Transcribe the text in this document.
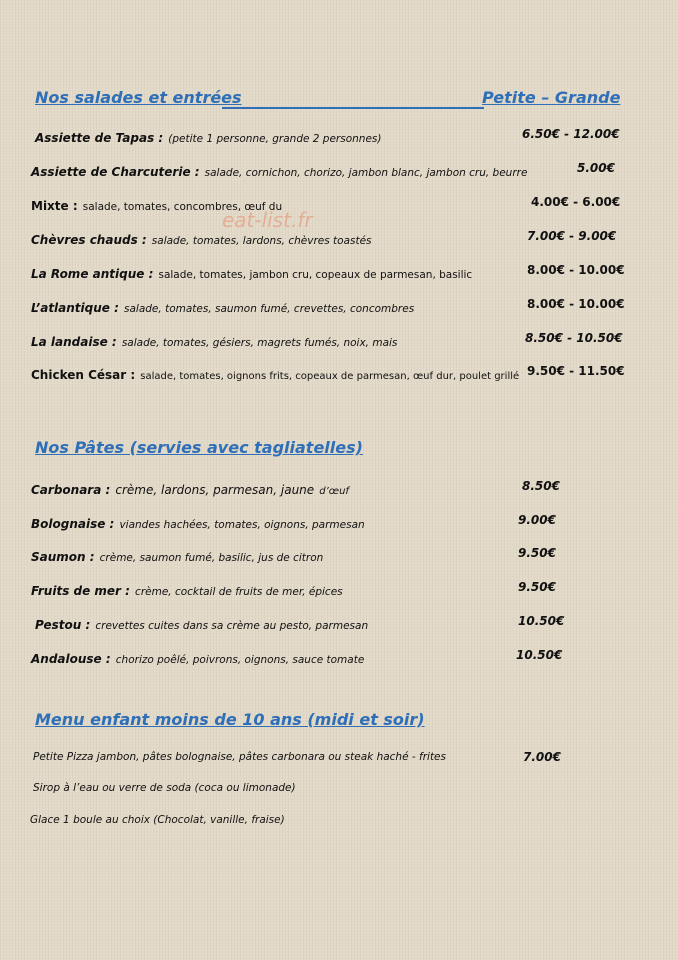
Nos salades et entrées	Petite – Grande
Assiette de Tapas : (petite 1 personne, grande 2 personnes)	6.50€ - 12.00€
Assiette de Charcuterie : salade, cornichon, chorizo, jambon blanc, jambon cru, beurre	5.00€
Mixte : salade, tomates, concombres, œuf du	4.00€ - 6.00€
Chèvres chauds : salade, tomates, lardons, chèvres toastés	7.00€ - 9.00€
La Rome antique : salade, tomates, jambon cru, copeaux de parmesan, basilic	8.00€ - 10.00€
L’atlantique : salade, tomates, saumon fumé, crevettes, concombres	8.00€ - 10.00€
La landaise : salade, tomates, gésiers, magrets fumés, noix, mais	8.50€ - 10.50€
Chicken César : salade, tomates, oignons frits, copeaux de parmesan, œuf dur, poulet grillé 9.50€ - 11.50€
eat-list.fr
Nos Pâtes (servies avec tagliatelles)
Carbonara : crème, lardons, parmesan, jaune d’œuf	8.50€
Bolognaise : viandes hachées, tomates, oignons, parmesan	9.00€
Saumon : crème, saumon fumé, basilic, jus de citron	9.50€
Fruits de mer : crème, cocktail de fruits de mer, épices	9.50€
Pestou : crevettes cuites dans sa crème au pesto, parmesan	10.50€
Andalouse : chorizo poêlé, poivrons, oignons, sauce tomate	10.50€
Menu enfant moins de 10 ans (midi et soir)
Petite Pizza jambon, pâtes bolognaise, pâtes carbonara ou steak haché - frites	7.00€
Sirop à l’eau ou verre de soda (coca ou limonade)
Glace 1 boule au choix (Chocolat, vanille, fraise)
